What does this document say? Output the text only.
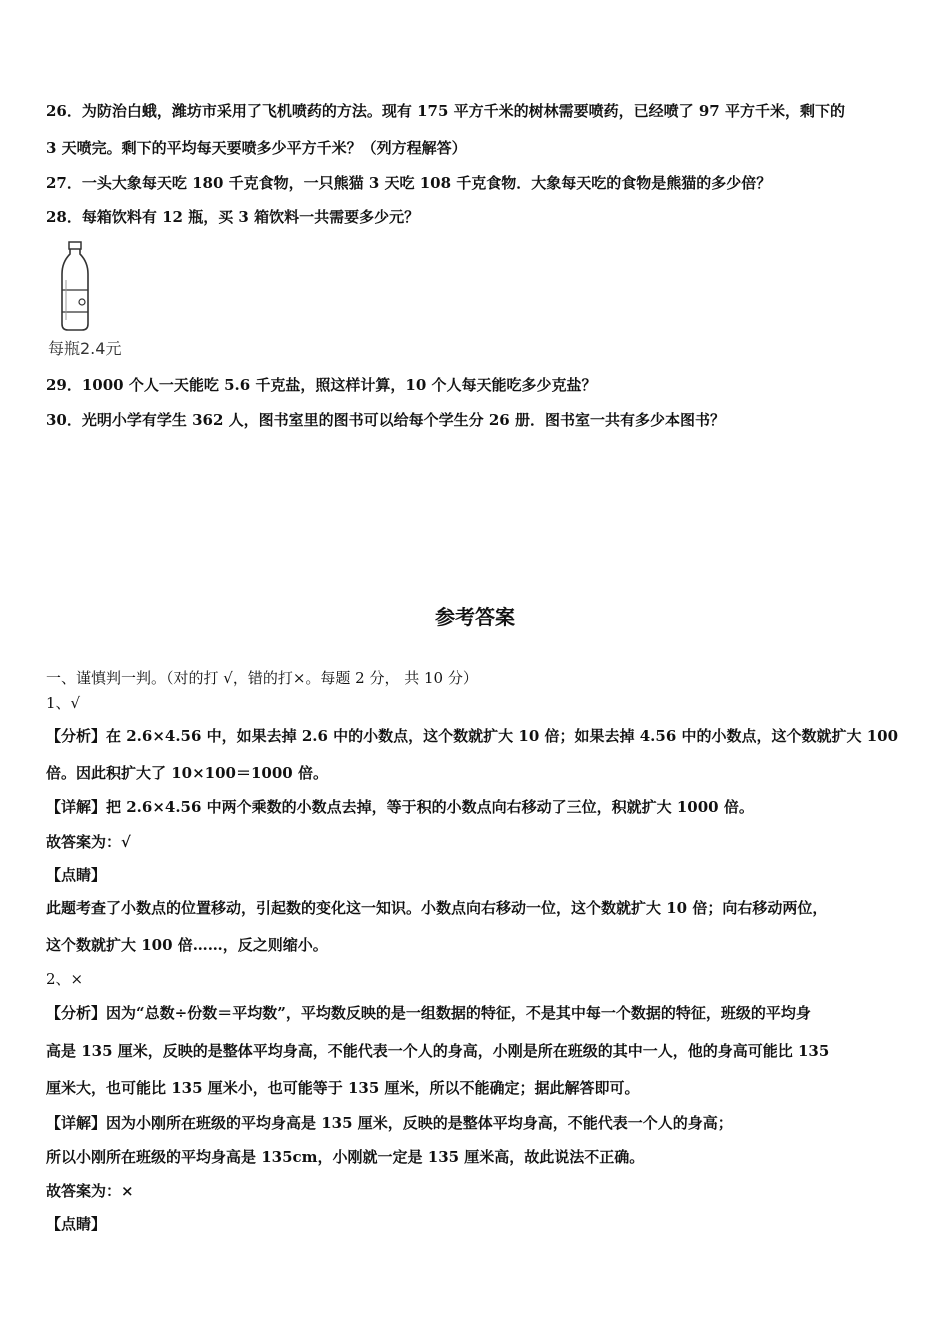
26．为防治白蛾，潍坊市采用了飞机喷药的方法。现有 175 平方千米的树林需要喷药，已经喷了 97 平方千米，剩下的
3 天喷完。剩下的平均每天要喷多少平方千米？（列方程解答）
27．一头大象每天吃 180 千克食物，一只熊猫 3 天吃 108 千克食物．大象每天吃的食物是熊猫的多少倍？
28．每箱饮料有 12 瓶，买 3 箱饮料一共需要多少元？
每瓶2.4元
29．1000 个人一天能吃 5.6 千克盐，照这样计算，10 个人每天能吃多少克盐？
30．光明小学有学生 362 人，图书室里的图书可以给每个学生分 26 册．图书室一共有多少本图书？
参考答案
一、谨慎判一判。（对的打 √，错的打×。每题 2 分， 共 10 分）
1、√
【分析】在 2.6×4.56 中，如果去掉 2.6 中的小数点，这个数就扩大 10 倍；如果去掉 4.56 中的小数点，这个数就扩大 100
倍。因此积扩大了 10×100＝1000 倍。
【详解】把 2.6×4.56 中两个乘数的小数点去掉，等于积的小数点向右移动了三位，积就扩大 1000 倍。
故答案为：√
【点睛】
此题考查了小数点的位置移动，引起数的变化这一知识。小数点向右移动一位，这个数就扩大 10 倍；向右移动两位，
这个数就扩大 100 倍……，反之则缩小。
2、×
【分析】因为“总数÷份数＝平均数”，平均数反映的是一组数据的特征，不是其中每一个数据的特征，班级的平均身
高是 135 厘米，反映的是整体平均身高，不能代表一个人的身高，小刚是所在班级的其中一人，他的身高可能比 135
厘米大，也可能比 135 厘米小，也可能等于 135 厘米，所以不能确定；据此解答即可。
【详解】因为小刚所在班级的平均身高是 135 厘米，反映的是整体平均身高，不能代表一个人的身高；
所以小刚所在班级的平均身高是 135cm，小刚就一定是 135 厘米高，故此说法不正确。
故答案为：×
【点睛】
